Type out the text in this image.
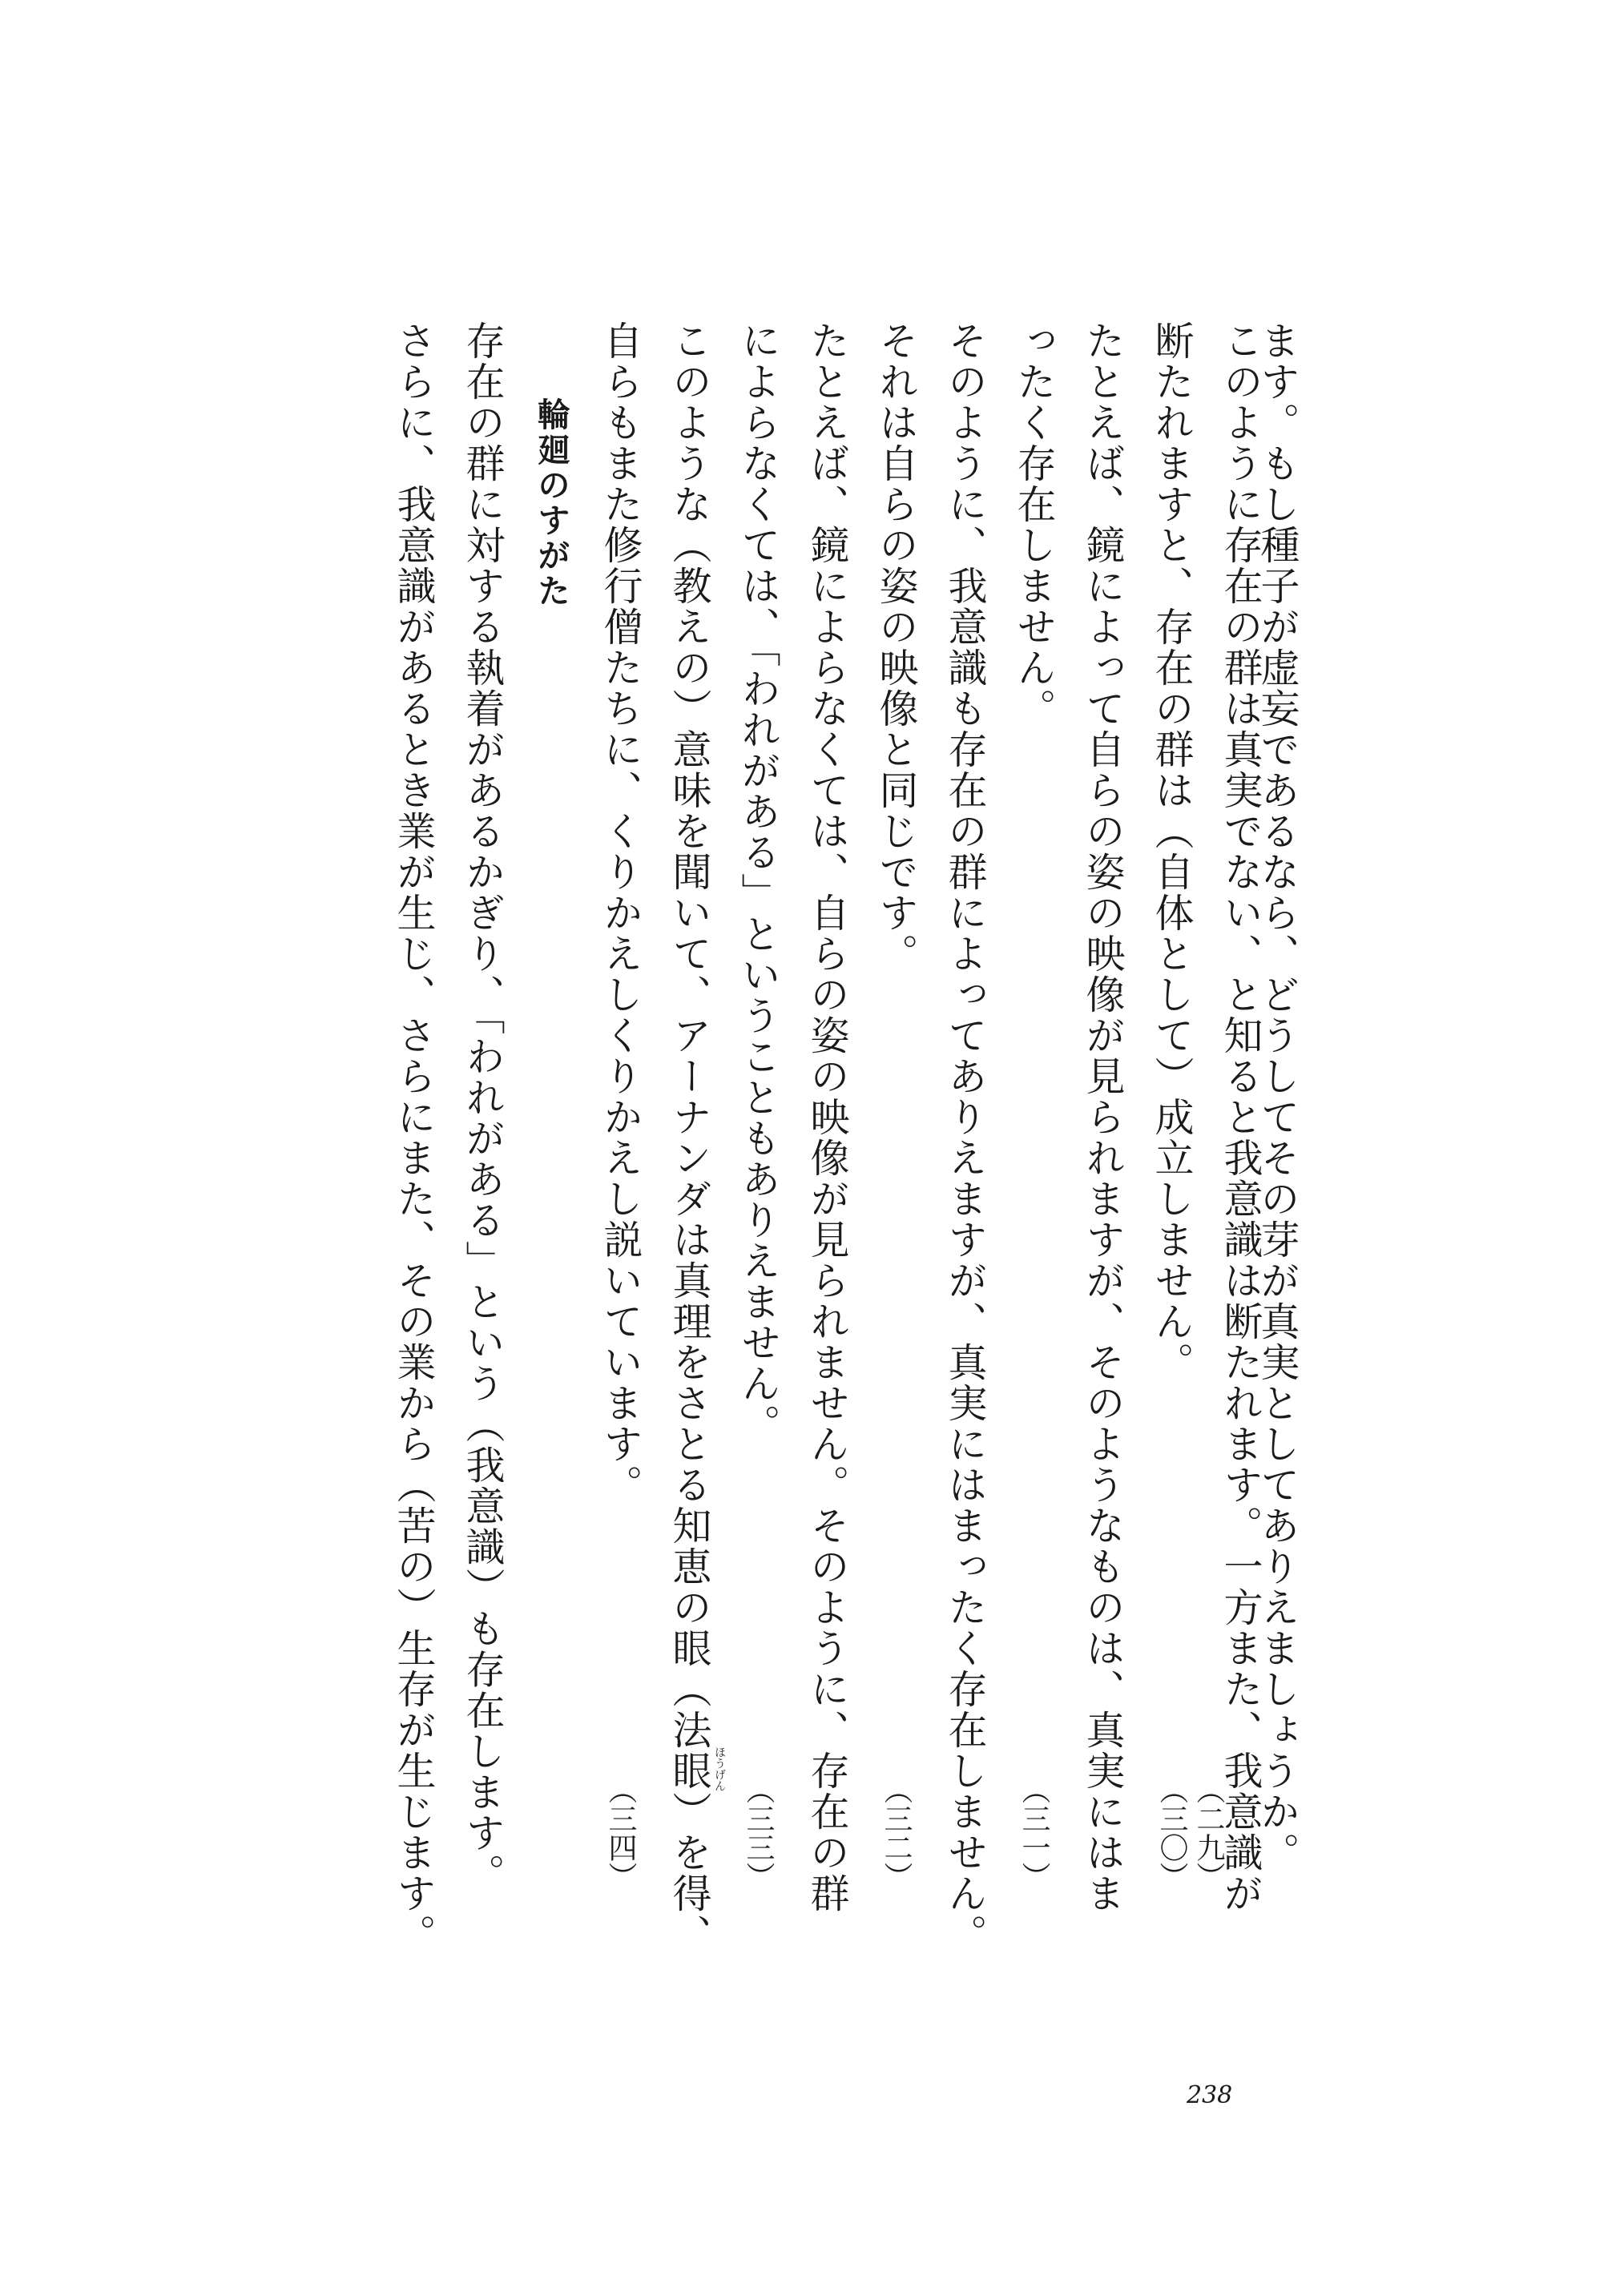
ます。もし種子が虚妄であるなら、どうしてその芽が真実としてありえましょうか。
（二九）
このように存在の群は真実でない、と知ると我意識は断たれます。一方また、我意識が
断たれますと、存在の群は（自体として）成立しません。
（三〇）
たとえば、鏡によって自らの姿の映像が見られますが、そのようなものは、真実にはま
ったく存在しません。
（三一）
そのように、我意識も存在の群によってありえますが、真実にはまったく存在しません。
それは自らの姿の映像と同じです。
（三二）
たとえば、鏡によらなくては、自らの姿の映像が見られません。そのように、存在の群
によらなくては、「われがある」ということもありえません。
（三三）
このような（教えの）意味を聞いて、アーナンダは真理をさとる知恵の眼（法眼）を得、 ほうげん
自らもまた修行僧たちに、くりかえしくりかえし説いています。
（三四）
輪廻のすがた
存在の群に対する執着があるかぎり、「われがある」という（我意識）も存在します。
さらに、我意識があるとき業が生じ、さらにまた、その業から（苦の）生存が生じます。
238
